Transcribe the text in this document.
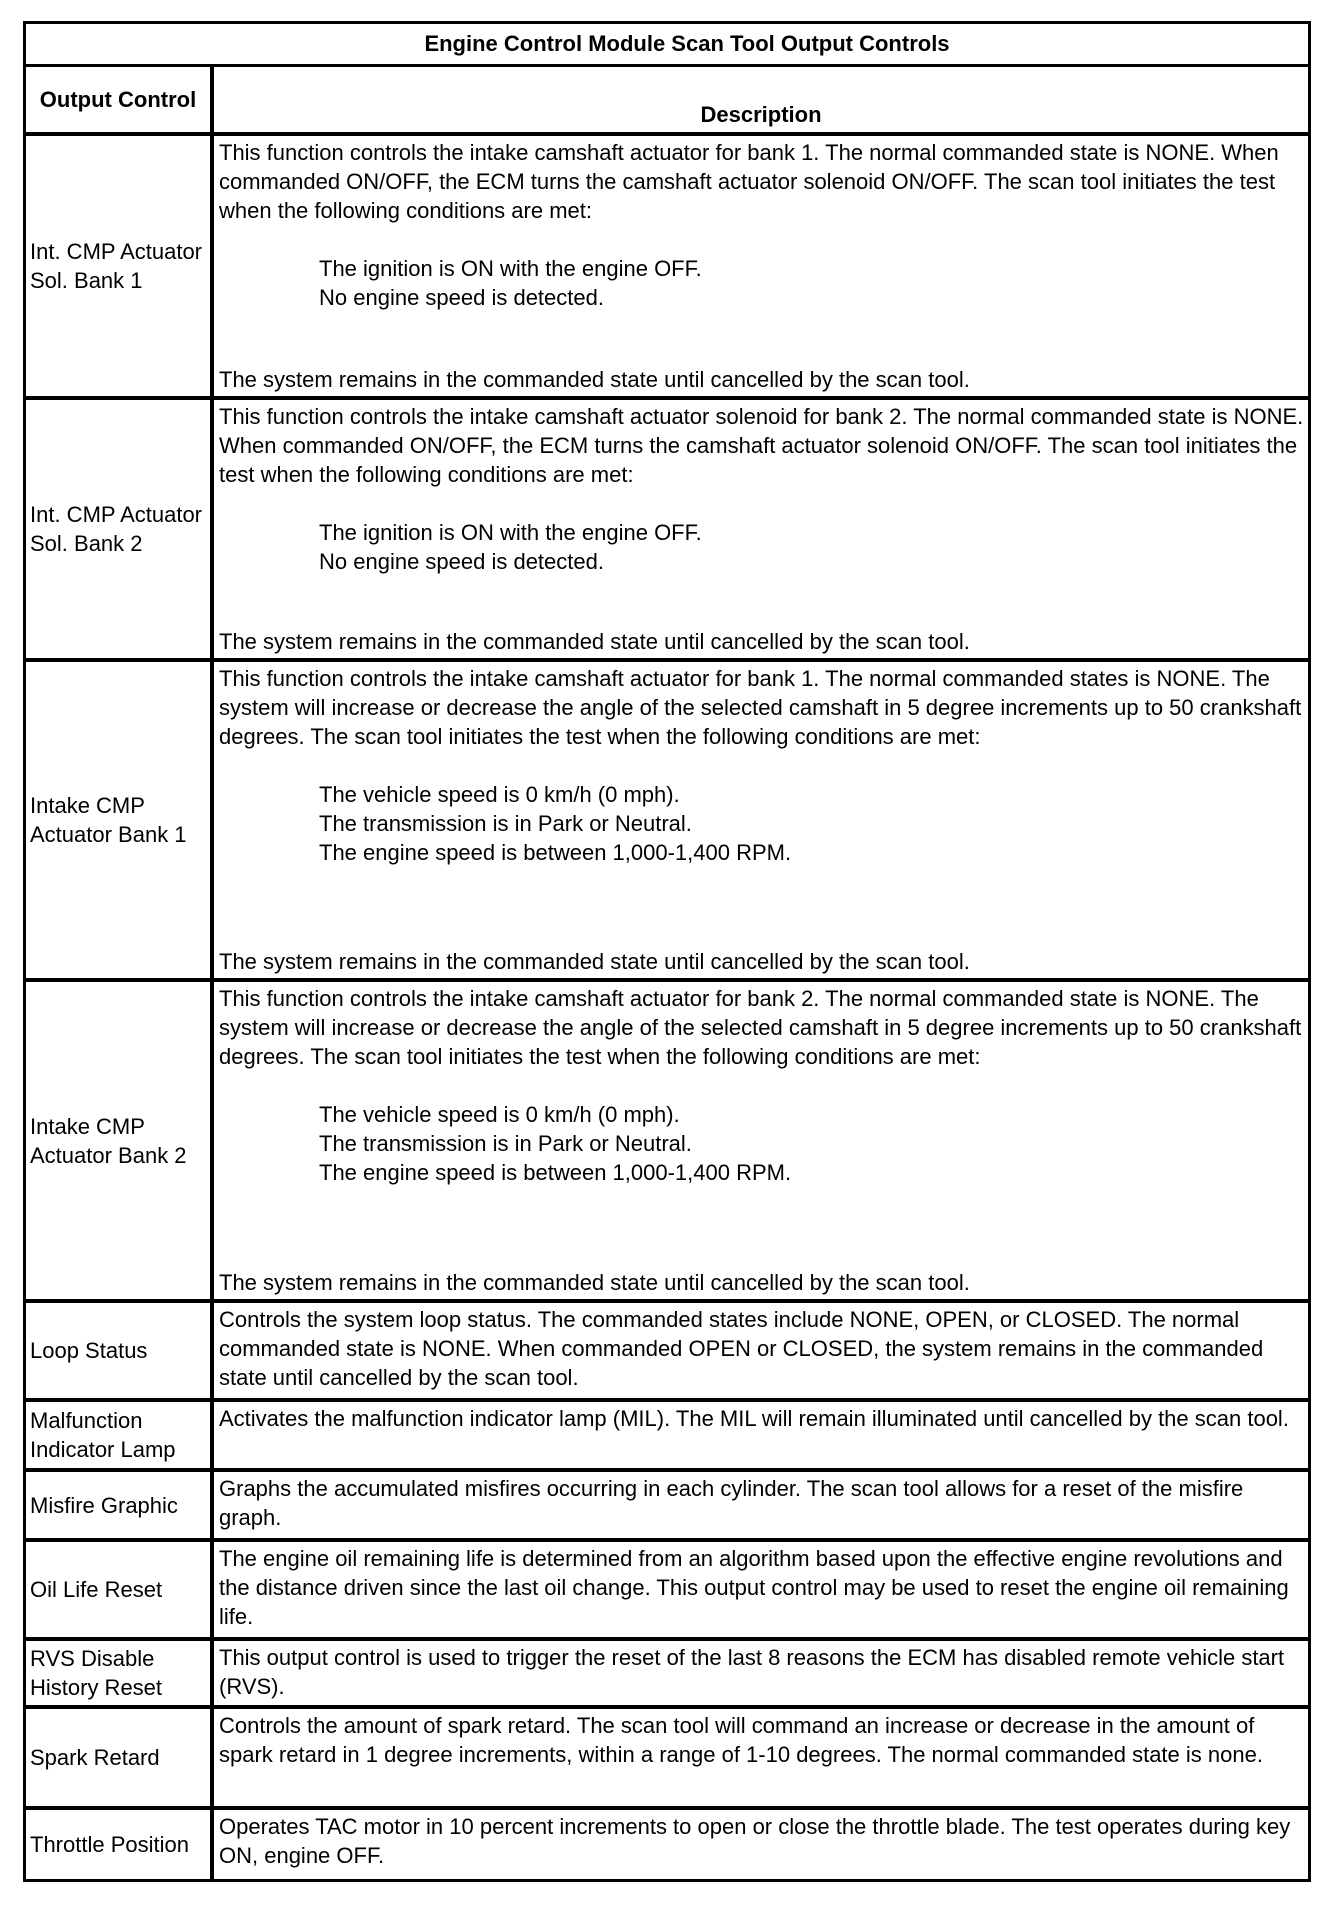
Engine Control Module Scan Tool Output Controls
Output Control
Description
Int. CMP Actuator Sol. Bank 1
This function controls the intake camshaft actuator for bank 1. The normal commanded state is NONE. When commanded ON/OFF, the ECM turns the camshaft actuator solenoid ON/OFF. The scan tool initiates the test when the following conditions are met:
The ignition is ON with the engine OFF.
No engine speed is detected.
The system remains in the commanded state until cancelled by the scan tool.
Int. CMP Actuator Sol. Bank 2
This function controls the intake camshaft actuator solenoid for bank 2. The normal commanded state is NONE. When commanded ON/OFF, the ECM turns the camshaft actuator solenoid ON/OFF. The scan tool initiates the test when the following conditions are met:
The ignition is ON with the engine OFF.
No engine speed is detected.
The system remains in the commanded state until cancelled by the scan tool.
Intake CMP Actuator Bank 1
This function controls the intake camshaft actuator for bank 1. The normal commanded states is NONE. The system will increase or decrease the angle of the selected camshaft in 5 degree increments up to 50 crankshaft degrees. The scan tool initiates the test when the following conditions are met:
The vehicle speed is 0 km/h (0 mph).
The transmission is in Park or Neutral.
The engine speed is between 1,000-1,400 RPM.
The system remains in the commanded state until cancelled by the scan tool.
Intake CMP Actuator Bank 2
This function controls the intake camshaft actuator for bank 2. The normal commanded state is NONE. The system will increase or decrease the angle of the selected camshaft in 5 degree increments up to 50 crankshaft degrees. The scan tool initiates the test when the following conditions are met:
The vehicle speed is 0 km/h (0 mph).
The transmission is in Park or Neutral.
The engine speed is between 1,000-1,400 RPM.
The system remains in the commanded state until cancelled by the scan tool.
Loop Status
Controls the system loop status. The commanded states include NONE, OPEN, or CLOSED. The normal commanded state is NONE. When commanded OPEN or CLOSED, the system remains in the commanded state until cancelled by the scan tool.
Malfunction Indicator Lamp
Activates the malfunction indicator lamp (MIL). The MIL will remain illuminated until cancelled by the scan tool.
Misfire Graphic
Graphs the accumulated misfires occurring in each cylinder. The scan tool allows for a reset of the misfire graph.
Oil Life Reset
The engine oil remaining life is determined from an algorithm based upon the effective engine revolutions and the distance driven since the last oil change. This output control may be used to reset the engine oil remaining life.
RVS Disable History Reset
This output control is used to trigger the reset of the last 8 reasons the ECM has disabled remote vehicle start (RVS).
Spark Retard
Controls the amount of spark retard. The scan tool will command an increase or decrease in the amount of spark retard in 1 degree increments, within a range of 1-10 degrees. The normal commanded state is none.
Throttle Position
Operates TAC motor in 10 percent increments to open or close the throttle blade. The test operates during key ON, engine OFF.
